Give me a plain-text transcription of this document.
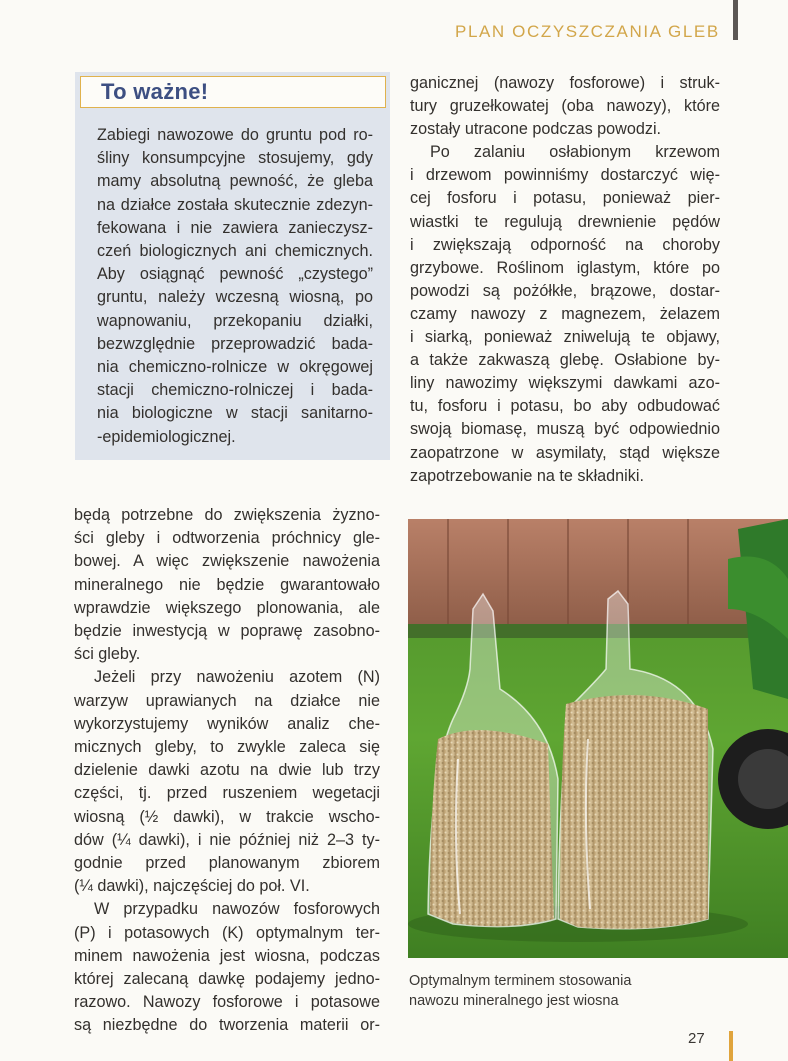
PLAN OCZYSZCZANIA GLEB
To ważne!
Zabiegi nawozowe do gruntu pod ro-
śliny konsumpcyjne stosujemy, gdy
mamy absolutną pewność, że gleba
na działce została skutecznie zdezyn-
fekowana i nie zawiera zanieczysz-
czeń biologicznych ani chemicznych.
Aby osiągnąć pewność „czystego”
gruntu, należy wczesną wiosną, po
wapnowaniu, przekopaniu działki,
bezwzględnie przeprowadzić bada-
nia chemiczno-rolnicze w okręgowej
stacji chemiczno-rolniczej i bada-
nia biologiczne w stacji sanitarno-
-epidemiologicznej.
ganicznej (nawozy fosforowe) i struk-
tury gruzełkowatej (oba nawozy), które
zostały utracone podczas powodzi.
Po zalaniu osłabionym krzewom
i drzewom powinniśmy dostarczyć wię-
cej fosforu i potasu, ponieważ pier-
wiastki te regulują drewnienie pędów
i zwiększają odporność na choroby
grzybowe. Roślinom iglastym, które po
powodzi są pożółkłe, brązowe, dostar-
czamy nawozy z magnezem, żelazem
i siarką, ponieważ zniwelują te objawy,
a także zakwaszą glebę. Osłabione by-
liny nawozimy większymi dawkami azo-
tu, fosforu i potasu, bo aby odbudować
swoją biomasę, muszą być odpowiednio
zaopatrzone w asymilaty, stąd większe
zapotrzebowanie na te składniki.
będą potrzebne do zwiększenia żyzno-
ści gleby i odtworzenia próchnicy gle-
bowej. A więc zwiększenie nawożenia
mineralnego nie będzie gwarantowało
wprawdzie większego plonowania, ale
będzie inwestycją w poprawę zasobno-
ści gleby.
Jeżeli przy nawożeniu azotem (N)
warzyw uprawianych na działce nie
wykorzystujemy wyników analiz che-
micznych gleby, to zwykle zaleca się
dzielenie dawki azotu na dwie lub trzy
części, tj. przed ruszeniem wegetacji
wiosną (½ dawki), w trakcie wscho-
dów (¼ dawki), i nie później niż 2–3 ty-
godnie przed planowanym zbiorem
(¼ dawki), najczęściej do poł. VI.
W przypadku nawozów fosforowych
(P) i potasowych (K) optymalnym ter-
minem nawożenia jest wiosna, podczas
której zalecaną dawkę podajemy jedno-
razowo. Nawozy fosforowe i potasowe
są niezbędne do tworzenia materii or-
Optymalnym terminem stosowania
nawozu mineralnego jest wiosna
27
